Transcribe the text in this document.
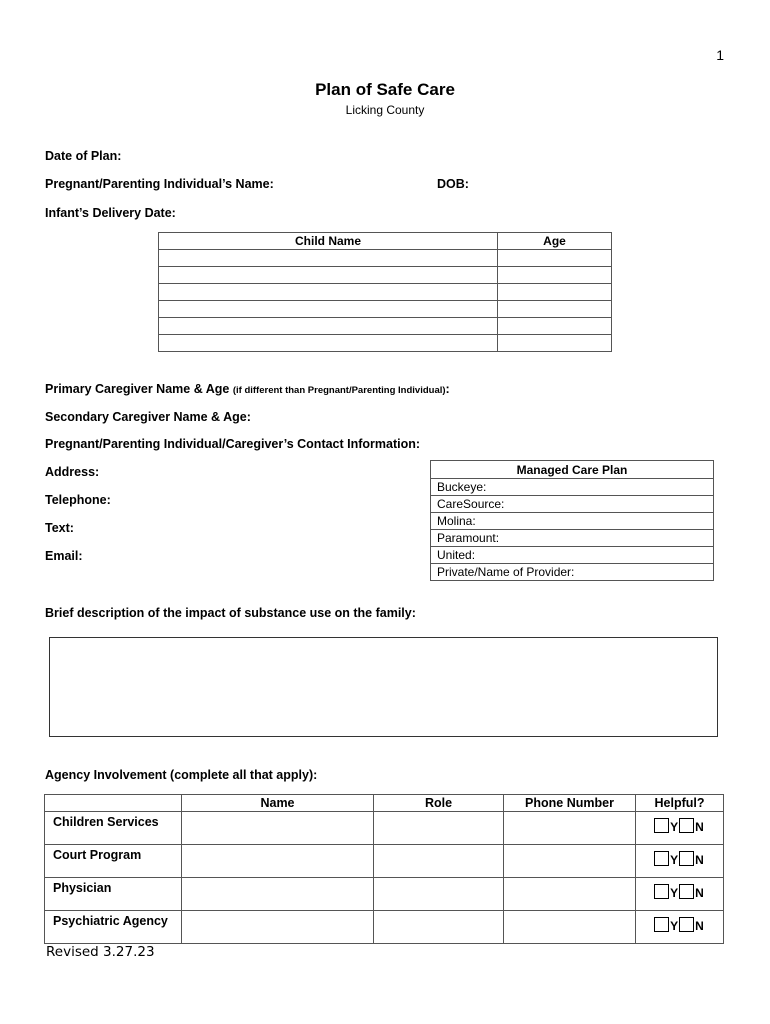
1
Plan of Safe Care
Licking County
Date of Plan:
Pregnant/Parenting Individual’s Name:	DOB:
Infant’s Delivery Date:
Child Name	Age

Primary Caregiver Name & Age (if different than Pregnant/Parenting Individual):
Secondary Caregiver Name & Age:
Pregnant/Parenting Individual/Caregiver’s Contact Information:
Address:
Telephone:
Text:
Email:
Managed Care Plan
Buckeye:
CareSource:
Molina:
Paramount:
United:
Private/Name of Provider:
Brief description of the impact of substance use on the family:
Agency Involvement (complete all that apply):
	Name	Role	Phone Number	Helpful?
Children Services				Y N

Court Program				Y N

Physician				Y N

Psychiatric Agency				Y N
Revised 3.27.23
